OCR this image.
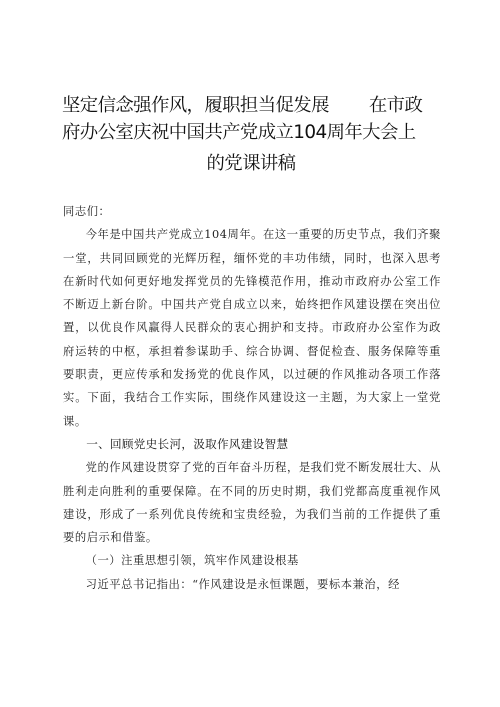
坚定信念强作风，履职担当促发展 在市政
府办公室庆祝中国共产党成立104周年大会上
的党课讲稿

同志们：

今年是中国共产党成立104周年。在这一重要的历史节点，我们齐聚一堂，共同回顾党的光辉历程，缅怀党的丰功伟绩，同时，也深入思考在新时代如何更好地发挥党员的先锋模范作用，推动市政府办公室工作不断迈上新台阶。中国共产党自成立以来，始终把作风建设摆在突出位置，以优良作风赢得人民群众的衷心拥护和支持。市政府办公室作为政府运转的中枢，承担着参谋助手、综合协调、督促检查、服务保障等重要职责，更应传承和发扬党的优良作风，以过硬的作风推动各项工作落实。下面，我结合工作实际，围绕作风建设这一主题，为大家上一堂党课。

一、回顾党史长河，汲取作风建设智慧

党的作风建设贯穿了党的百年奋斗历程，是我们党不断发展壮大、从胜利走向胜利的重要保障。在不同的历史时期，我们党都高度重视作风建设，形成了一系列优良传统和宝贵经验，为我们当前的工作提供了重要的启示和借鉴。

（一）注重思想引领，筑牢作风建设根基

习近平总书记指出：“作风建设是永恒课题，要标本兼治，经
